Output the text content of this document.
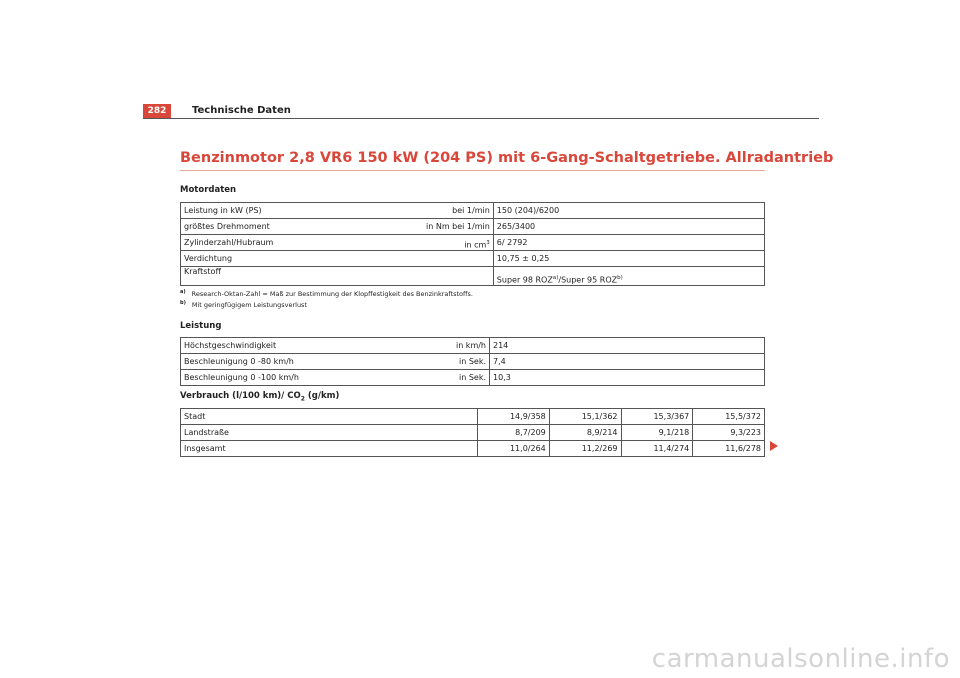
282	Technische Daten
Benzinmotor 2,8 VR6 150 kW (204 PS) mit 6-Gang-Schaltgetriebe. Allradantrieb
Motordaten
Leistung in kW (PS)	bei 1/min	150 (204)/6200
größtes Drehmoment	in Nm bei 1/min	265/3400
Zylinderzahl/Hubraum	in cm$^3$	6/ 2792
Verdichtung		10,75 ± 0,25
Kraftstoff		Super 98 ROZ$^{a)}$/Super 95 ROZ$^{b)}$
$^{a)}$ Research-Oktan-Zahl = Maß zur Bestimmung der Klopffestigkeit des Benzinkraftstoffs.
$^{b)}$ Mit geringfügigem Leistungsverlust
Leistung
Höchstgeschwindigkeit	in km/h	214
Beschleunigung 0 -80 km/h	in Sek.	7,4
Beschleunigung 0 -100 km/h	in Sek.	10,3
Verbrauch (l/100 km)/ $CO_2$ (g/km)
Stadt	14,9/358	15,1/362	15,3/367	15,5/372
Landstraße	8,7/209	8,9/214	9,1/218	9,3/223
Insgesamt	11,0/264	11,2/269	11,4/274	11,6/278
carmanualsonline.info
